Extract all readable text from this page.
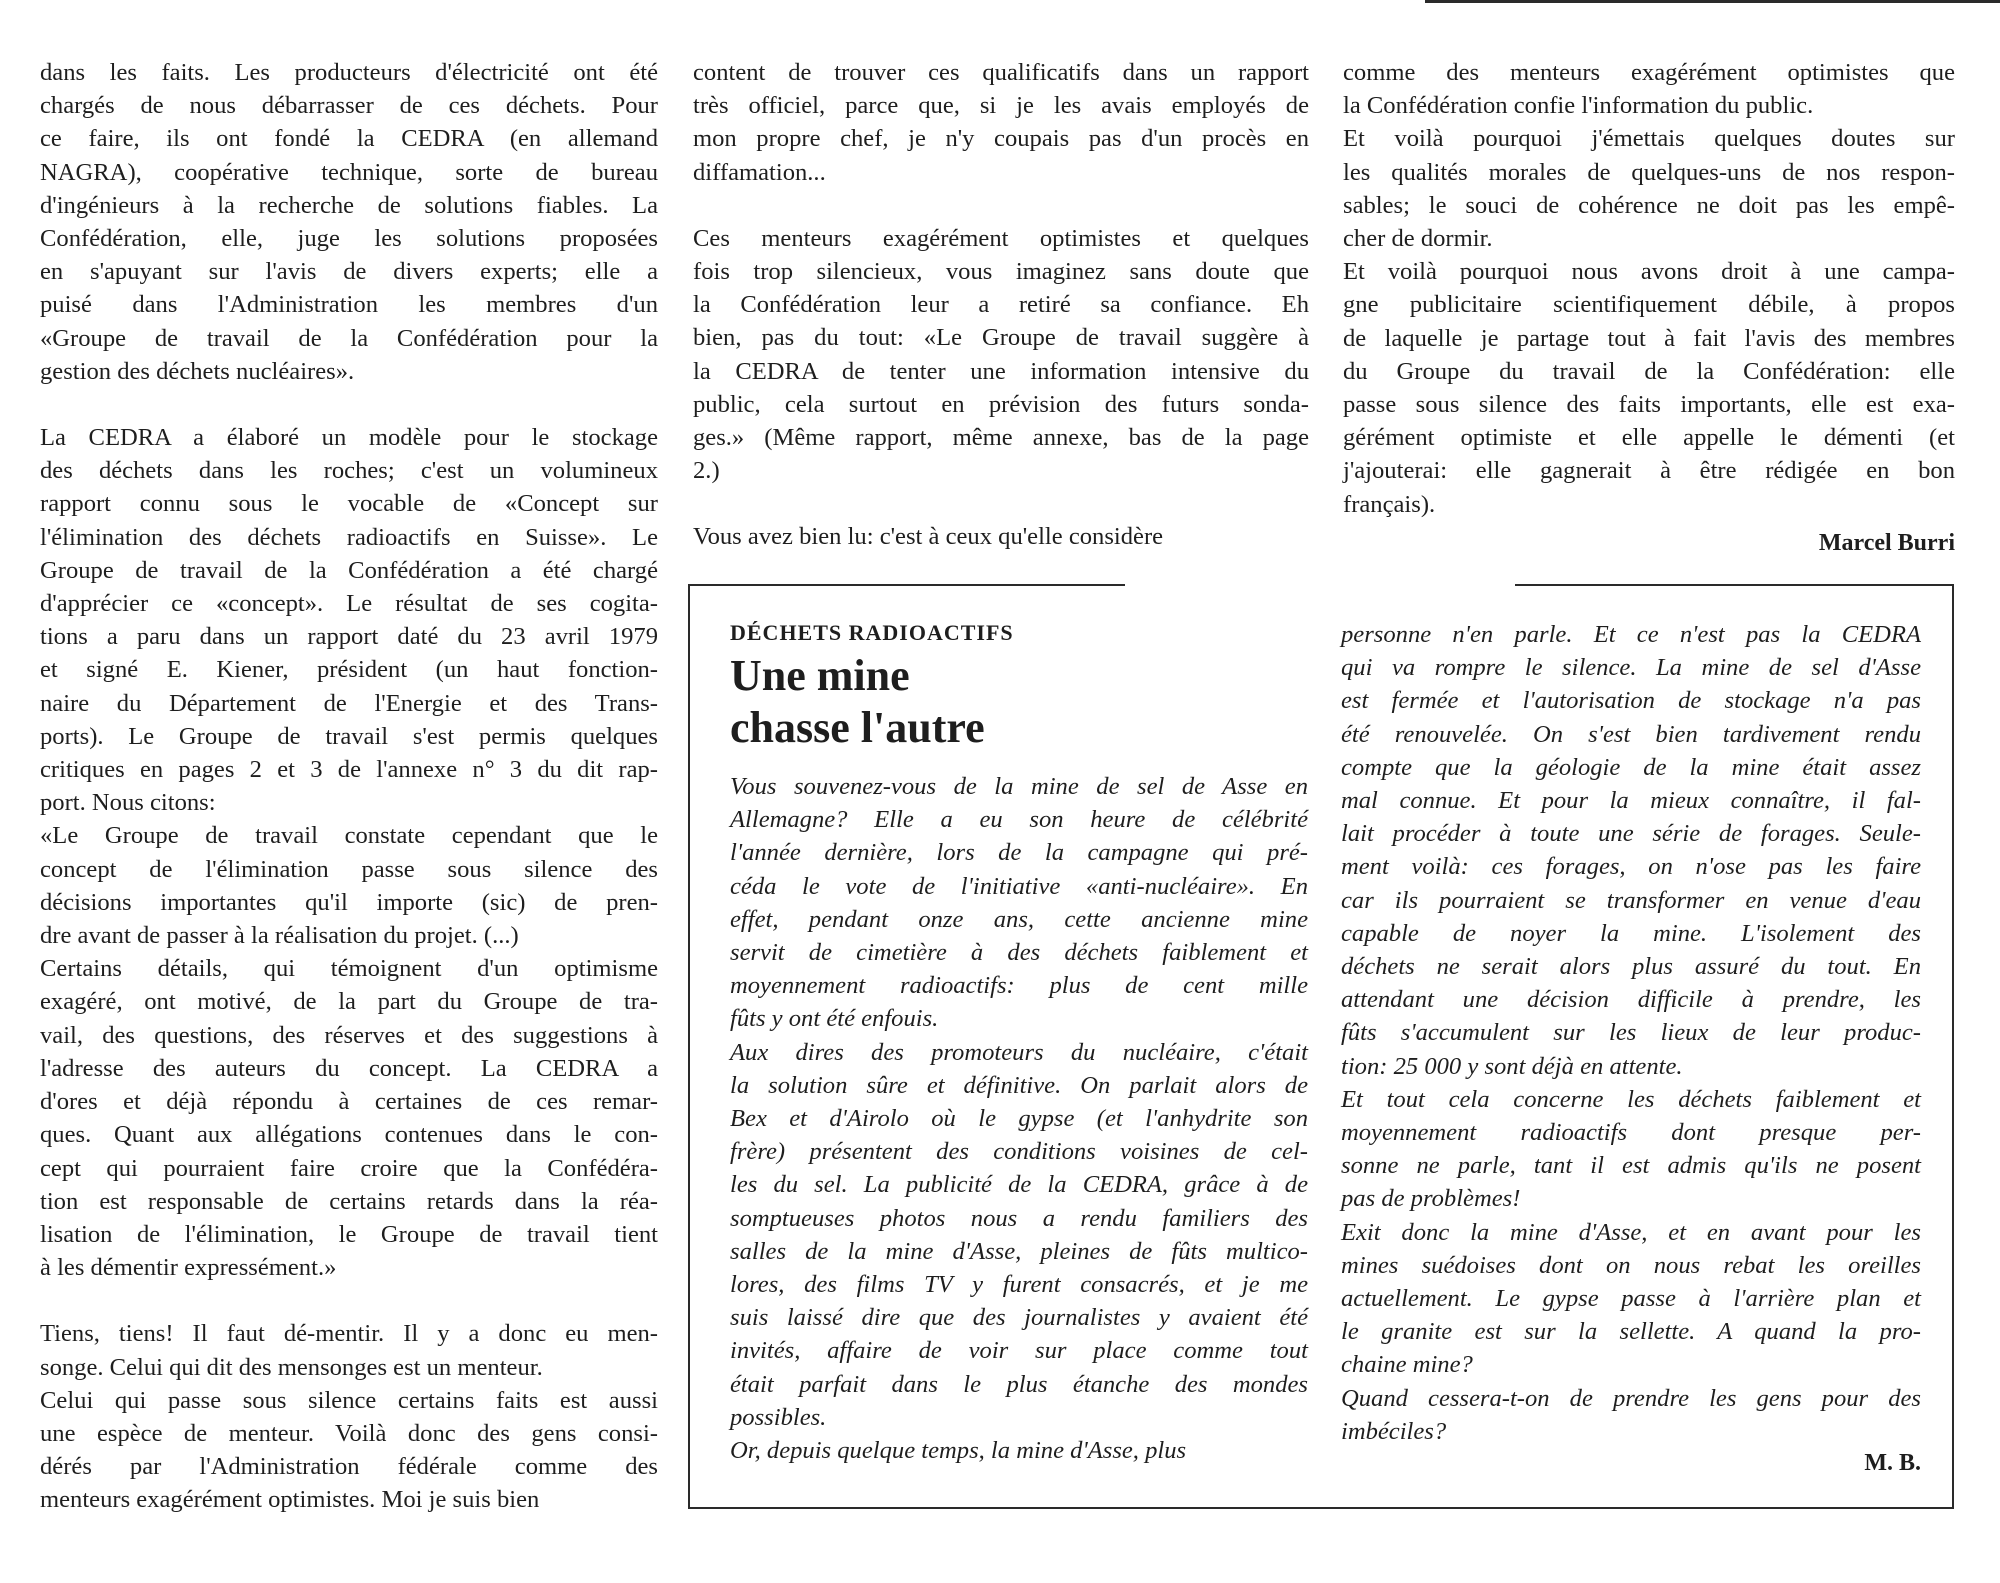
dans les faits. Les producteurs d'électricité ont été

chargés de nous débarrasser de ces déchets. Pour

ce faire, ils ont fondé la CEDRA (en allemand

NAGRA), coopérative technique, sorte de bureau

d'ingénieurs à la recherche de solutions fiables. La

Confédération, elle, juge les solutions proposées

en s'apuyant sur l'avis de divers experts; elle a

puisé dans l'Administration les membres d'un

«Groupe de travail de la Confédération pour la

gestion des déchets nucléaires».

La CEDRA a élaboré un modèle pour le stockage

des déchets dans les roches; c'est un volumineux

rapport connu sous le vocable de «Concept sur

l'élimination des déchets radioactifs en Suisse». Le

Groupe de travail de la Confédération a été chargé

d'apprécier ce «concept». Le résultat de ses cogita-

tions a paru dans un rapport daté du 23 avril 1979

et signé E. Kiener, président (un haut fonction-

naire du Département de l'Energie et des Trans-

ports). Le Groupe de travail s'est permis quelques

critiques en pages 2 et 3 de l'annexe n° 3 du dit rap-

port. Nous citons:

«Le Groupe de travail constate cependant que le

concept de l'élimination passe sous silence des

décisions importantes qu'il importe (sic) de pren-

dre avant de passer à la réalisation du projet. (...)

Certains détails, qui témoignent d'un optimisme

exagéré, ont motivé, de la part du Groupe de tra-

vail, des questions, des réserves et des suggestions à

l'adresse des auteurs du concept. La CEDRA a

d'ores et déjà répondu à certaines de ces remar-

ques. Quant aux allégations contenues dans le con-

cept qui pourraient faire croire que la Confédéra-

tion est responsable de certains retards dans la réa-

lisation de l'élimination, le Groupe de travail tient

à les démentir expressément.»

Tiens, tiens! Il faut dé-mentir. Il y a donc eu men-

songe. Celui qui dit des mensonges est un menteur.

Celui qui passe sous silence certains faits est aussi

une espèce de menteur. Voilà donc des gens consi-

dérés par l'Administration fédérale comme des

menteurs exagérément optimistes. Moi je suis bien

content de trouver ces qualificatifs dans un rapport

très officiel, parce que, si je les avais employés de

mon propre chef, je n'y coupais pas d'un procès en

diffamation...

Ces menteurs exagérément optimistes et quelques

fois trop silencieux, vous imaginez sans doute que

la Confédération leur a retiré sa confiance. Eh

bien, pas du tout: «Le Groupe de travail suggère à

la CEDRA de tenter une information intensive du

public, cela surtout en prévision des futurs sonda-

ges.» (Même rapport, même annexe, bas de la page

2.)

Vous avez bien lu: c'est à ceux qu'elle considère

comme des menteurs exagérément optimistes que

la Confédération confie l'information du public.

Et voilà pourquoi j'émettais quelques doutes sur

les qualités morales de quelques-uns de nos respon-

sables; le souci de cohérence ne doit pas les empê-

cher de dormir.

Et voilà pourquoi nous avons droit à une campa-

gne publicitaire scientifiquement débile, à propos

de laquelle je partage tout à fait l'avis des membres

du Groupe du travail de la Confédération: elle

passe sous silence des faits importants, elle est exa-

gérément optimiste et elle appelle le démenti (et

j'ajouterai: elle gagnerait à être rédigée en bon

français).

Marcel Burri
DÉCHETS RADIOACTIFS
Une mine
chasse l'autre

Vous souvenez-vous de la mine de sel de Asse en

Allemagne? Elle a eu son heure de célébrité

l'année dernière, lors de la campagne qui pré-

céda le vote de l'initiative «anti-nucléaire». En

effet, pendant onze ans, cette ancienne mine

servit de cimetière à des déchets faiblement et

moyennement radioactifs: plus de cent mille

fûts y ont été enfouis.

Aux dires des promoteurs du nucléaire, c'était

la solution sûre et définitive. On parlait alors de

Bex et d'Airolo où le gypse (et l'anhydrite son

frère) présentent des conditions voisines de cel-

les du sel. La publicité de la CEDRA, grâce à de

somptueuses photos nous a rendu familiers des

salles de la mine d'Asse, pleines de fûts multico-

lores, des films TV y furent consacrés, et je me

suis laissé dire que des journalistes y avaient été

invités, affaire de voir sur place comme tout

était parfait dans le plus étanche des mondes

possibles.

Or, depuis quelque temps, la mine d'Asse, plus

personne n'en parle. Et ce n'est pas la CEDRA

qui va rompre le silence. La mine de sel d'Asse

est fermée et l'autorisation de stockage n'a pas

été renouvelée. On s'est bien tardivement rendu

compte que la géologie de la mine était assez

mal connue. Et pour la mieux connaître, il fal-

lait procéder à toute une série de forages. Seule-

ment voilà: ces forages, on n'ose pas les faire

car ils pourraient se transformer en venue d'eau

capable de noyer la mine. L'isolement des

déchets ne serait alors plus assuré du tout. En

attendant une décision difficile à prendre, les

fûts s'accumulent sur les lieux de leur produc-

tion: 25 000 y sont déjà en attente.

Et tout cela concerne les déchets faiblement et

moyennement radioactifs dont presque per-

sonne ne parle, tant il est admis qu'ils ne posent

pas de problèmes!

Exit donc la mine d'Asse, et en avant pour les

mines suédoises dont on nous rebat les oreilles

actuellement. Le gypse passe à l'arrière plan et

le granite est sur la sellette. A quand la pro-

chaine mine?

Quand cessera-t-on de prendre les gens pour des

imbéciles?

M. B.
